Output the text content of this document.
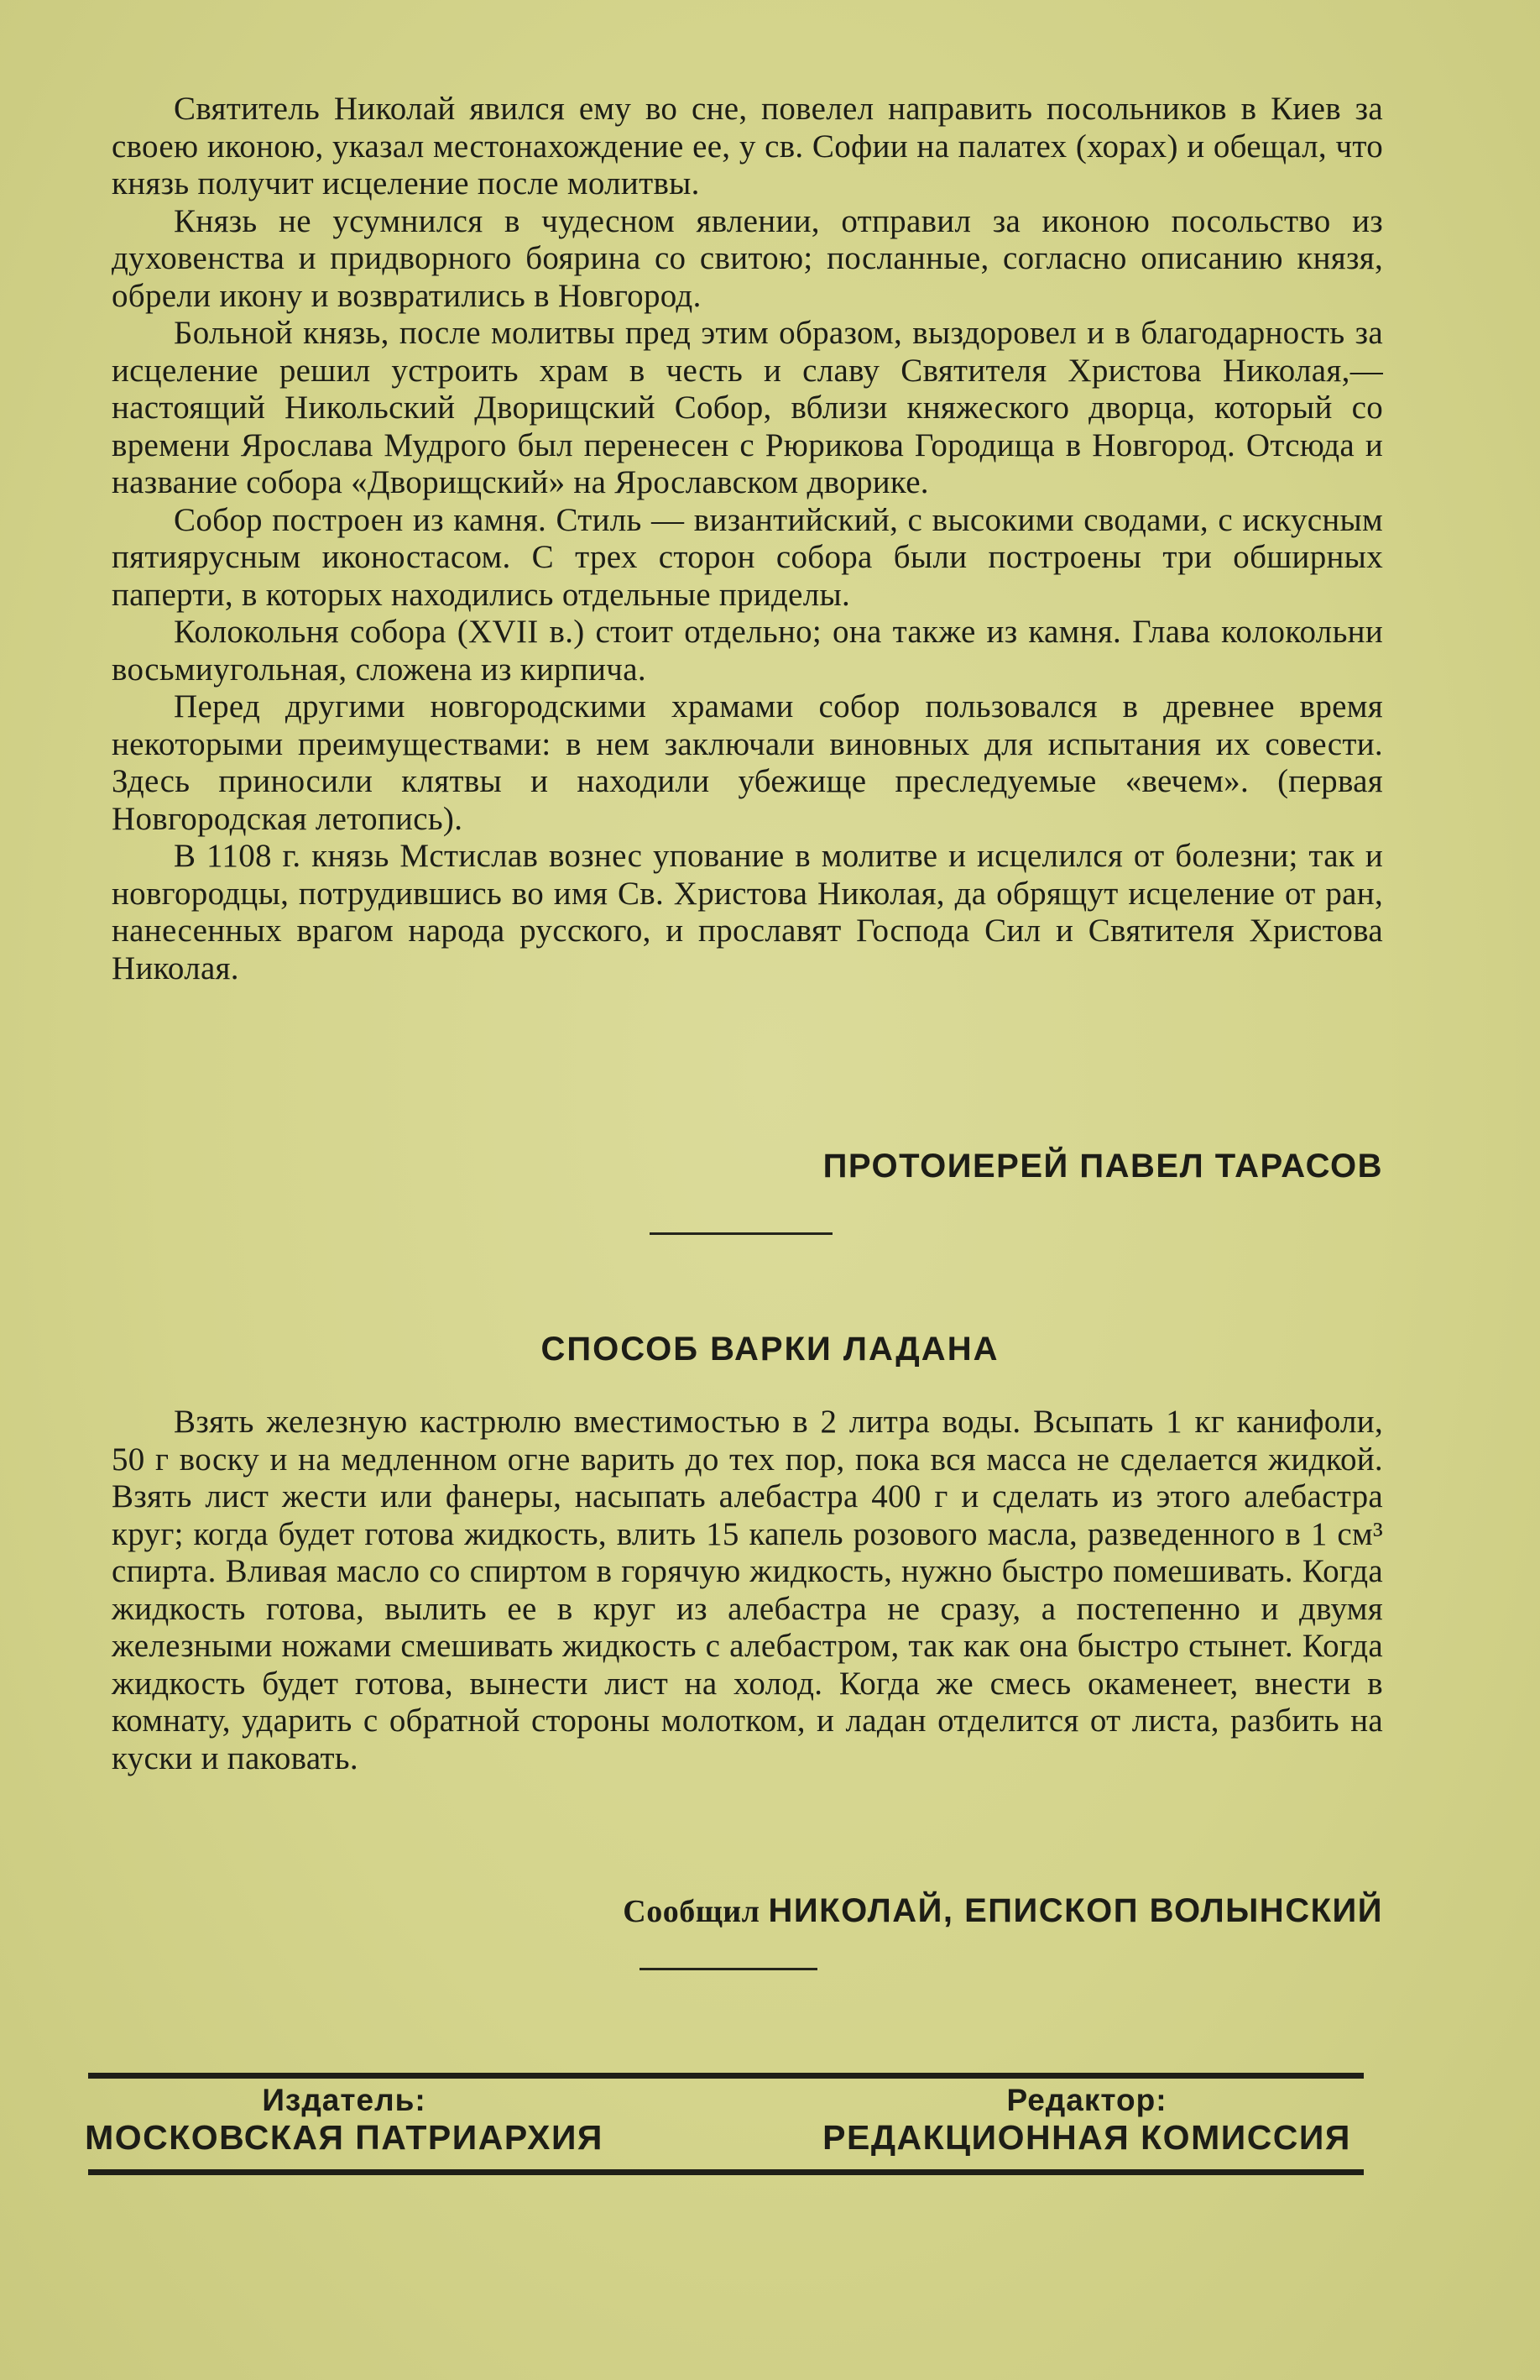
Святитель Николай явился ему во сне, повелел направить посольников в Киев за своею иконою, указал местонахождение ее, у св. Софии на палатех (хорах) и обещал, что князь получит исцеление после молитвы.

Князь не усумнился в чудесном явлении, отправил за иконою посольство из духовенства и придворного боярина со свитою; посланные, согласно описанию князя, обрели икону и возвратились в Новгород.

Больной князь, после молитвы пред этим образом, выздоровел и в благодарность за исцеление решил устроить храм в честь и славу Святителя Христова Николая,— настоящий Никольский Дворищский Собор, вблизи княжеского дворца, который со времени Ярослава Мудрого был перенесен с Рюрикова Городища в Новгород. Отсюда и название собора «Дворищский» на Ярославском дворике.

Собор построен из камня. Стиль — византийский, с высокими сводами, с искусным пятиярусным иконостасом. С трех сторон собора были построены три обширных паперти, в которых находились отдельные приделы.

Колокольня собора (XVII в.) стоит отдельно; она также из камня. Глава колокольни восьмиугольная, сложена из кирпича.

Перед другими новгородскими храмами собор пользовался в древнее время некоторыми преимуществами: в нем заключали виновных для испытания их совести. Здесь приносили клятвы и находили убежище преследуемые «вечем». (первая Новгородская летопись).

В 1108 г. князь Мстислав вознес упование в молитве и исцелился от болезни; так и новгородцы, потрудившись во имя Св. Христова Николая, да обрящут исцеление от ран, нанесенных врагом народа русского, и прославят Господа Сил и Святителя Христова Николая.

ПРОТОИЕРЕЙ ПАВЕЛ ТАРАСОВ
СПОСОБ ВАРКИ ЛАДАНА

Взять железную кастрюлю вместимостью в 2 литра воды. Всыпать 1 кг канифоли, 50 г воску и на медленном огне варить до тех пор, пока вся масса не сделается жидкой. Взять лист жести или фанеры, насыпать алебастра 400 г и сделать из этого алебастра круг; когда будет готова жидкость, влить 15 капель розового масла, разведенного в 1 см³ спирта. Вливая масло со спиртом в горячую жидкость, нужно быстро помешивать. Когда жидкость готова, вылить ее в круг из алебастра не сразу, а постепенно и двумя железными ножами смешивать жидкость с алебастром, так как она быстро стынет. Когда жидкость будет готова, вынести лист на холод. Когда же смесь окаменеет, внести в комнату, ударить с обратной стороны молотком, и ладан отделится от листа, разбить на куски и паковать.

Сообщил НИКОЛАЙ, ЕПИСКОП ВОЛЫНСКИЙ
Издатель:
МОСКОВСКАЯ ПАТРИАРХИЯ
Редактор:
РЕДАКЦИОННАЯ КОМИССИЯ
